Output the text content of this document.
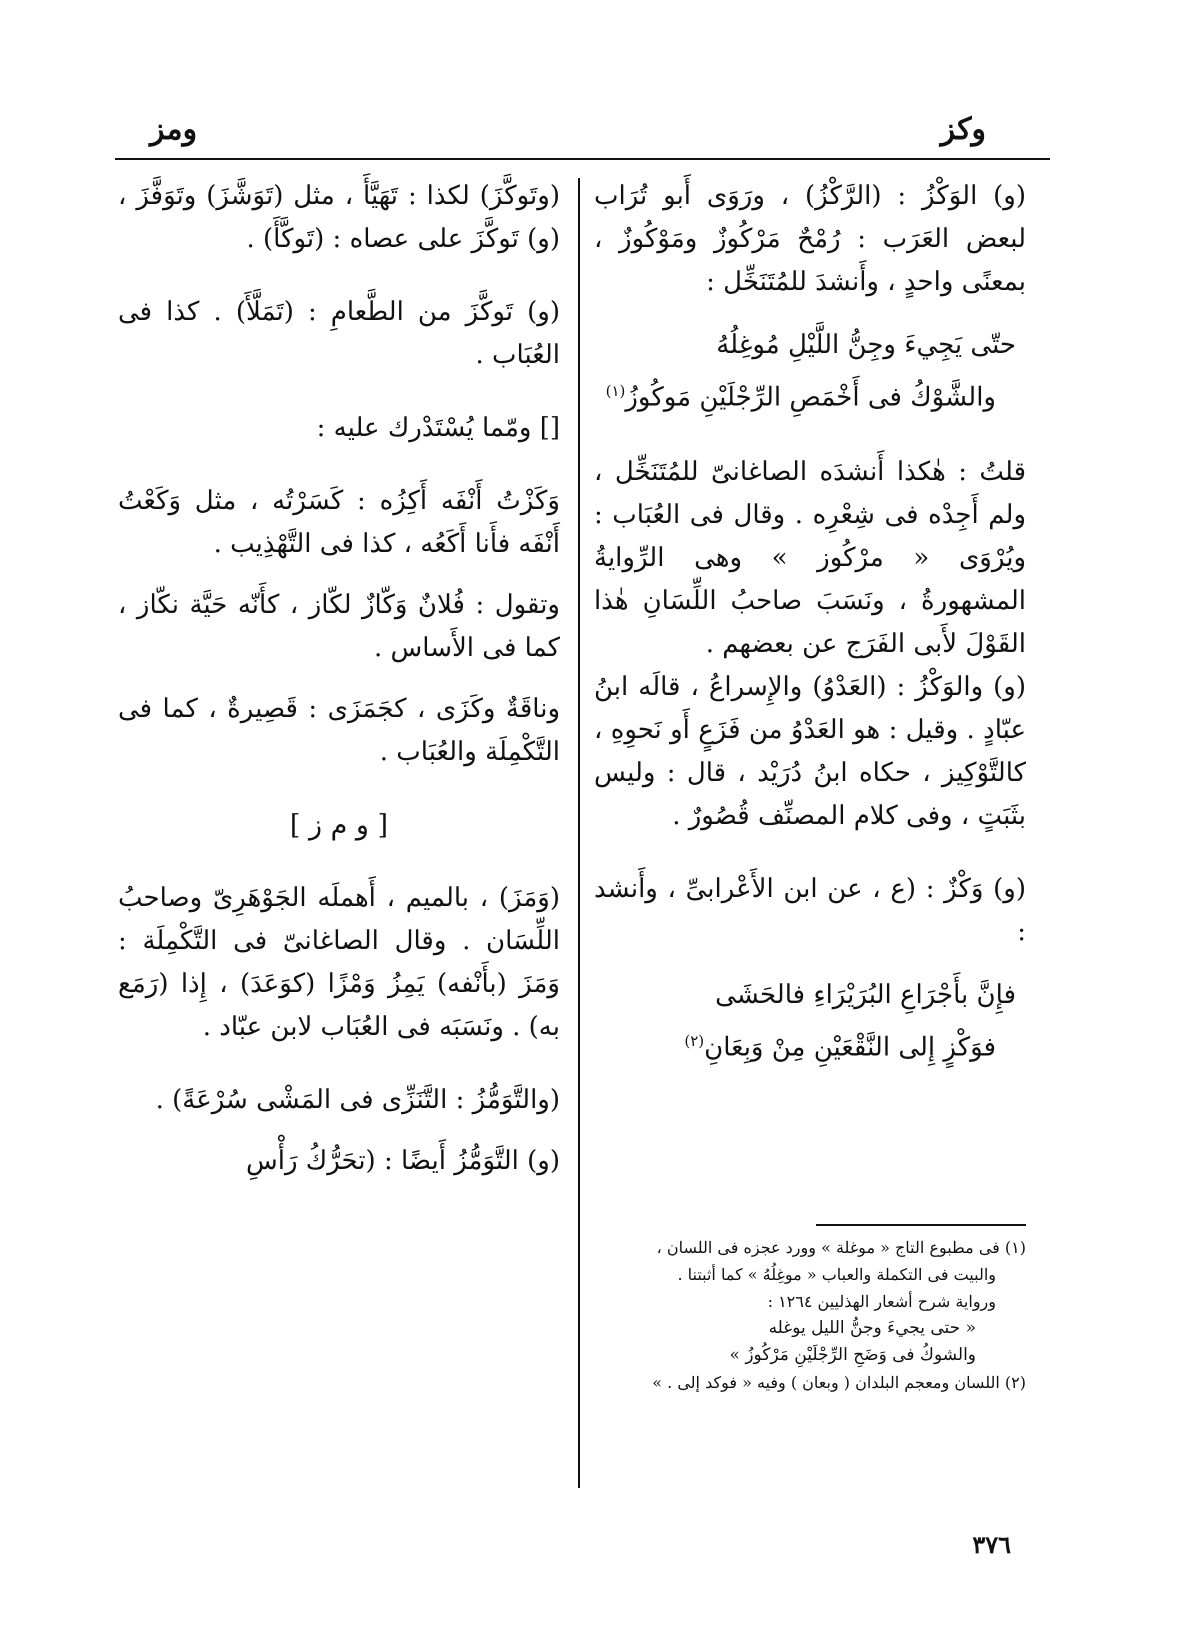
وكز
ومز

(و) الوَكْزُ : (الرَّكْزُ) ، ورَوَى أَبو تُرَاب لبعض العَرَب : رُمْحٌ مَرْكُوزٌ ومَوْكُوزٌ ، بمعنًى واحدٍ ، وأَنشدَ للمُتَنَخِّل :

حتّى يَجِيءَ وجِنُّ اللَّيْلِ مُوغِلُهُ
والشَّوْكُ فى أَخْمَصِ الرِّجْلَيْنِ مَوكُوزُ$^{(١)}$

قلتُ : هٰكذا أَنشدَه الصاغانىّ للمُتَنَخِّل ، ولم أَجِدْه فى شِعْرِه . وقال فى العُبَاب : ويُرْوَى « مرْكُوز » وهى الرِّوايةُ المشهورةُ ، ونَسَبَ صاحبُ اللِّسَانِ هٰذا القَوْلَ لأَبى الفَرَج عن بعضهم .

(و) والوَكْزُ : (العَدْوُ) والإِسراعُ ، قالَه ابنُ عبّادٍ . وقيل : هو العَدْوُ من فَزَعٍ أَو نَحوِهِ ، كالتَّوْكِيز ، حكاه ابنُ دُرَيْد ، قال : وليس بثَبَتٍ ، وفى كلام المصنِّف قُصُورٌ .

(و) وَكْزٌ : (ع ، عن ابن الأَعْرابىِّ ، وأَنشد :

فإِنَّ بأَجْرَاعِ البُرَيْرَاءِ فالحَشَى
فوَكْزٍ إِلى النَّقْعَيْنِ مِنْ وَبِعَانِ$^{(٢)}$

(وتَوكَّزَ) لكذا : تَهَيَّأَ ، مثل (تَوَشَّزَ) وتَوَفَّزَ ، (و) تَوكَّزَ على عصاه : (تَوكَّأَ) .

(و) تَوكَّزَ من الطَّعامِ : (تَمَلَّأَ) . كذا فى العُبَاب .

[] ومّما يُسْتَدْرك عليه :

وَكَزْتُ أَنْفَه أَكِزُه : كَسَرْتُه ، مثل وَكَعْتُ أَنْفَه فأَنا أَكَعُه ، كذا فى التَّهْذِيب .

وتقول : فُلانٌ وَكّازٌ لكّاز ، كأَنّه حَيَّة نكّاز ، كما فى الأَساس .

وناقَةٌ وكَزَى ، كجَمَزَى : قَصِيرةٌ ، كما فى التَّكْمِلَة والعُبَاب .

[ و م ز ]

(وَمَزَ) ، بالميم ، أَهملَه الجَوْهَرِىّ وصاحبُ اللِّسَان . وقال الصاغانىّ فى التَّكْمِلَة : وَمَزَ (بأَنْفه) يَمِزُ وَمْزًا (كوَعَدَ) ، إِذا (رَمَع به) . ونَسَبَه فى العُبَاب لابن عبّاد .

(والتَّوَمُّزُ : التَّنَزِّى فى المَشْى سُرْعَةً) .

(و) التَّوَمُّزُ أَيضًا : (تحَرُّكُ رَأْسِ

(١) فى مطبوع التاج « موغلة » وورد عجزه فى اللسان ،

والبيت فى التكملة والعباب « موغِلُهُ » كما أثبتنا .

ورواية شرح أشعار الهذليين ١٢٦٤ :

« حتى يجيءَ وجنُّ الليل يوغله

والشوكُ فى وَضَحِ الرِّجْلَيْنِ مَرْكُوزُ »

(٢) اللسان ومعجم البلدان ( وبعان ) وفيه « فوكد إلى . »

٣٧٦
